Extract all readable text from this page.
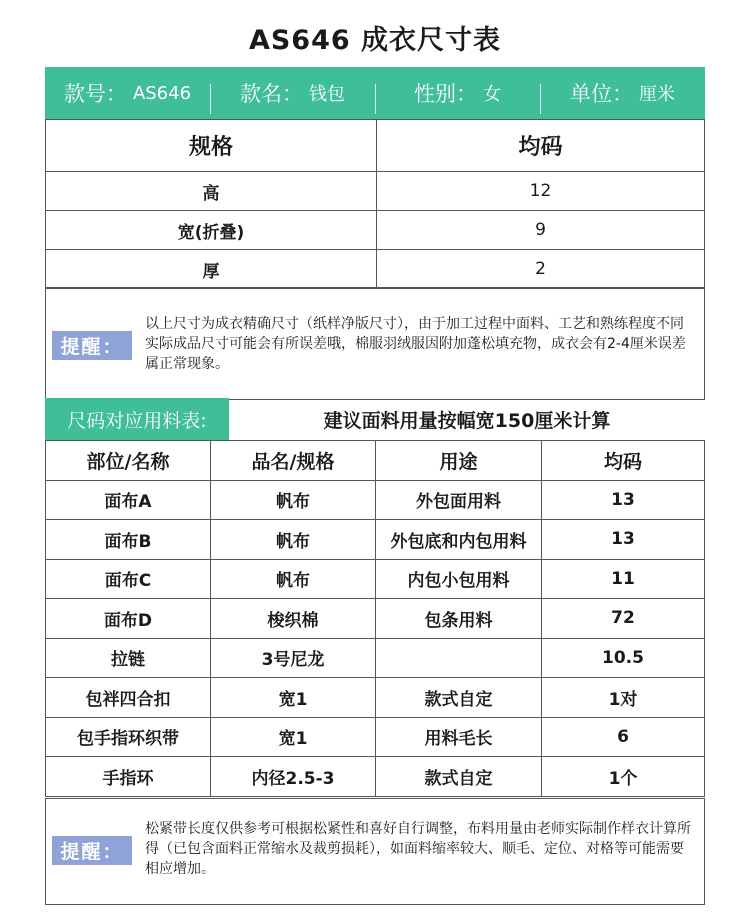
AS646 成衣尺寸表
款号： AS646 款名： 钱包	性别： 女	单位： 厘米
规格	均码
高	12
宽(折叠)	9
厚	2
提醒：
以上尺寸为成衣精确尺寸（纸样净版尺寸），由于加工过程中面料、工艺和熟练程度不同实际成品尺寸可能会有所误差哦，棉服羽绒服因附加蓬松填充物，成衣会有2-4厘米误差属正常现象。
尺码对应用料表:	建议面料用量按幅宽150厘米计算
部位/名称	品名/规格	用途	均码
面布A	帆布	外包面用料	13
面布B	帆布	外包底和内包用料	13
面布C	帆布	内包小包用料	11
面布D	梭织棉	包条用料	72
拉链	3号尼龙		10.5
包袢四合扣	宽1	款式自定	1对
包手指环织带	宽1	用料毛长	6
手指环	内径2.5-3	款式自定	1个
提醒：
松紧带长度仅供参考可根据松紧性和喜好自行调整，布料用量由老师实际制作样衣计算所得（已包含面料正常缩水及裁剪损耗），如面料缩率较大、顺毛、定位、对格等可能需要相应增加。
